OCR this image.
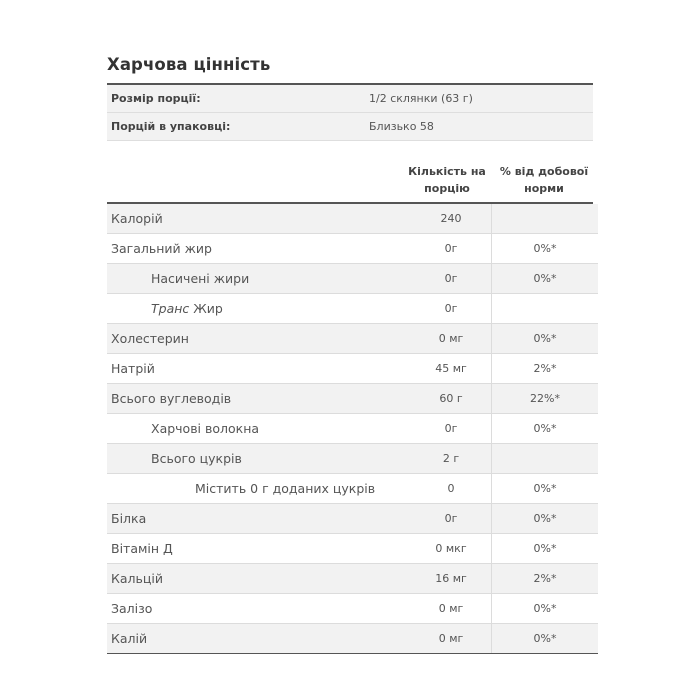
Харчова цінність
Розмір порції:	1/2 склянки (63 г)
Порцій в упаковці:	Близько 58
Кількість на
порцію
% від добової
норми
Калорій	240	
Загальний жир	0г	0%*
Насичені жири	0г	0%*
Транс Жир	0г	
Холестерин	0 мг	0%*
Натрій	45 мг	2%*
Всього вуглеводів	60 г	22%*
Харчові волокна	0г	0%*
Всього цукрів	2 г	
Містить 0 г доданих цукрів	0	0%*
Білка	0г	0%*
Вітамін Д	0 мкг	0%*
Кальцій	16 мг	2%*
Залізо	0 мг	0%*
Калій	0 мг	0%*
